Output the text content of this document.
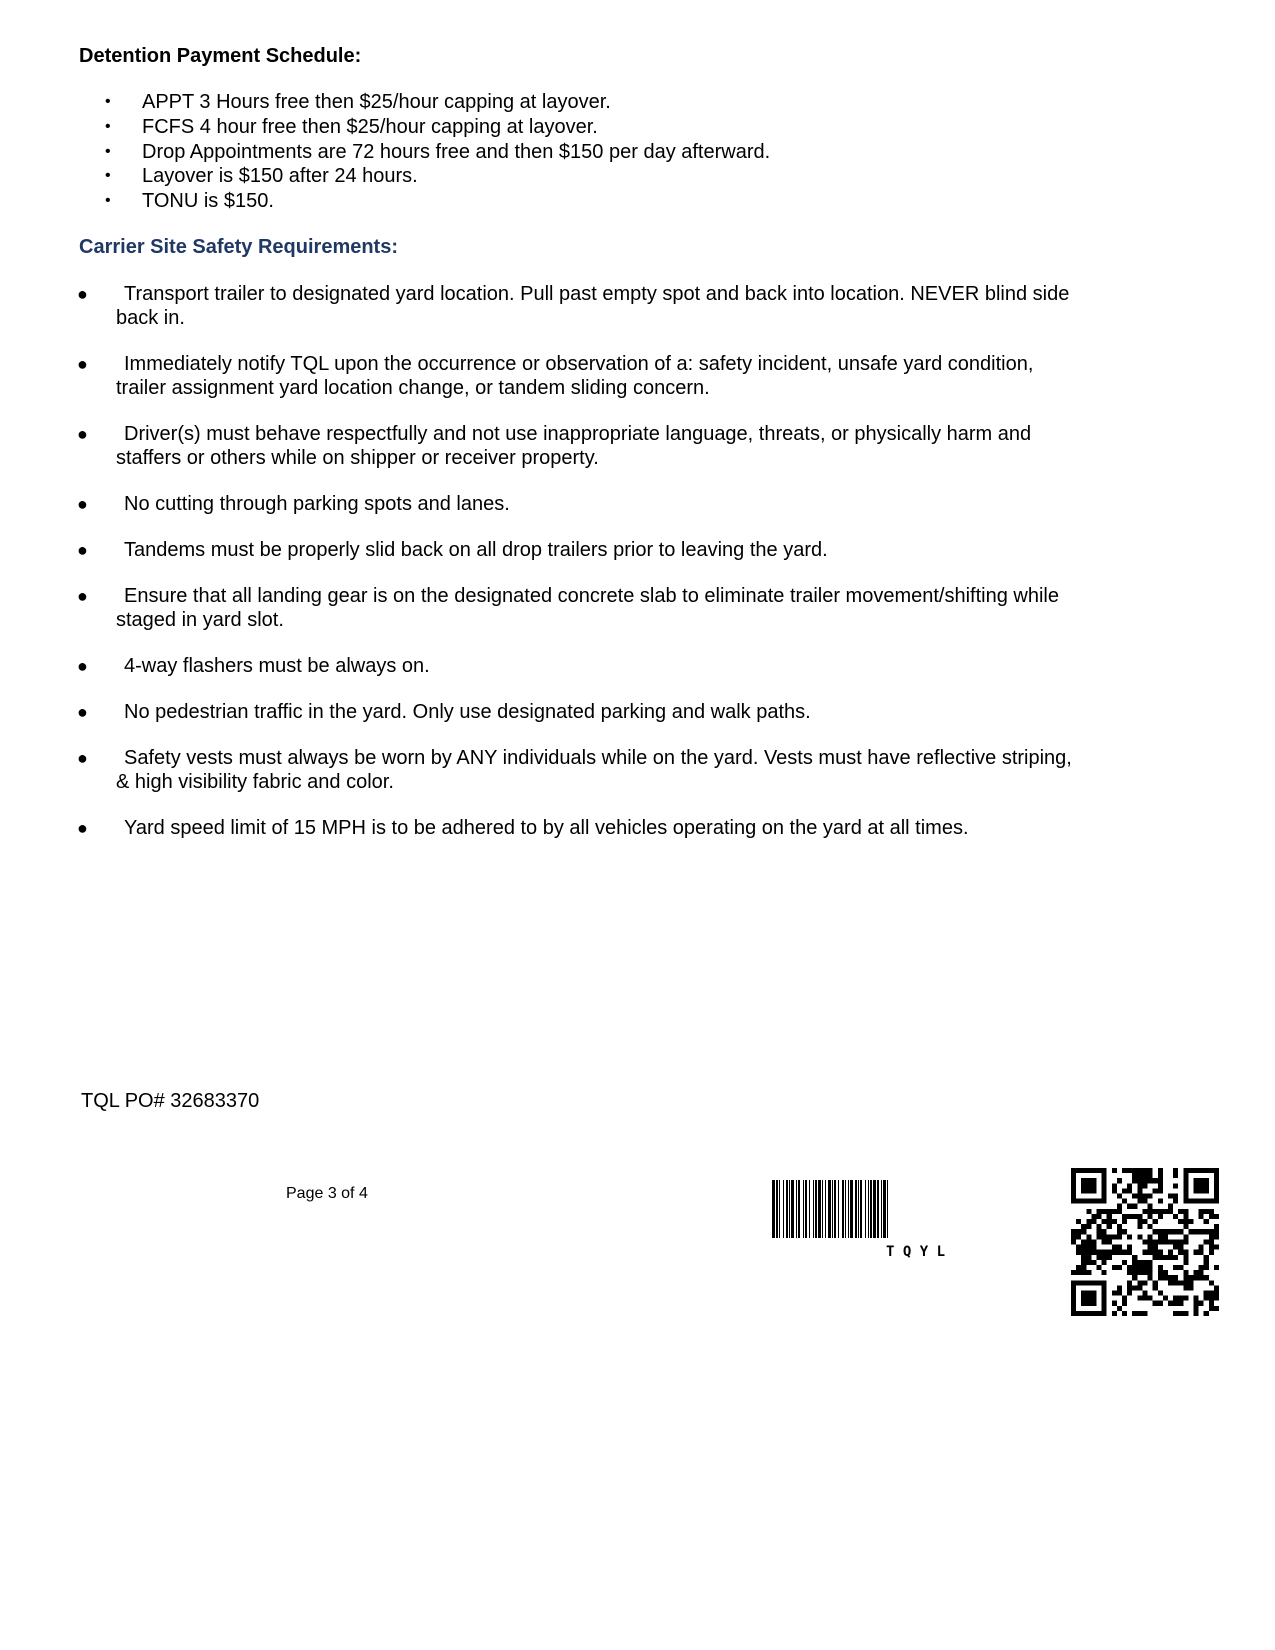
Detention Payment Schedule:
• APPT 3 Hours free then $25/hour capping at layover.
• FCFS 4 hour free then $25/hour capping at layover.
• Drop Appointments are 72 hours free and then $150 per day afterward.
• Layover is $150 after 24 hours.
• TONU is $150.
Carrier Site Safety Requirements:
● Transport trailer to designated yard location. Pull past empty spot and back into location. NEVER blind side back in.
● Immediately notify TQL upon the occurrence or observation of a: safety incident, unsafe yard condition, trailer assignment yard location change, or tandem sliding concern.
● Driver(s) must behave respectfully and not use inappropriate language, threats, or physically harm and staffers or others while on shipper or receiver property.
● No cutting through parking spots and lanes.
● Tandems must be properly slid back on all drop trailers prior to leaving the yard.
● Ensure that all landing gear is on the designated concrete slab to eliminate trailer movement/shifting while staged in yard slot.
● 4-way flashers must be always on.
● No pedestrian traffic in the yard. Only use designated parking and walk paths.
● Safety vests must always be worn by ANY individuals while on the yard. Vests must have reflective striping, & high visibility fabric and color.
● Yard speed limit of 15 MPH is to be adhered to by all vehicles operating on the yard at all times.

TQL PO# 32683370

Page 3 of 4
T Q Y L
